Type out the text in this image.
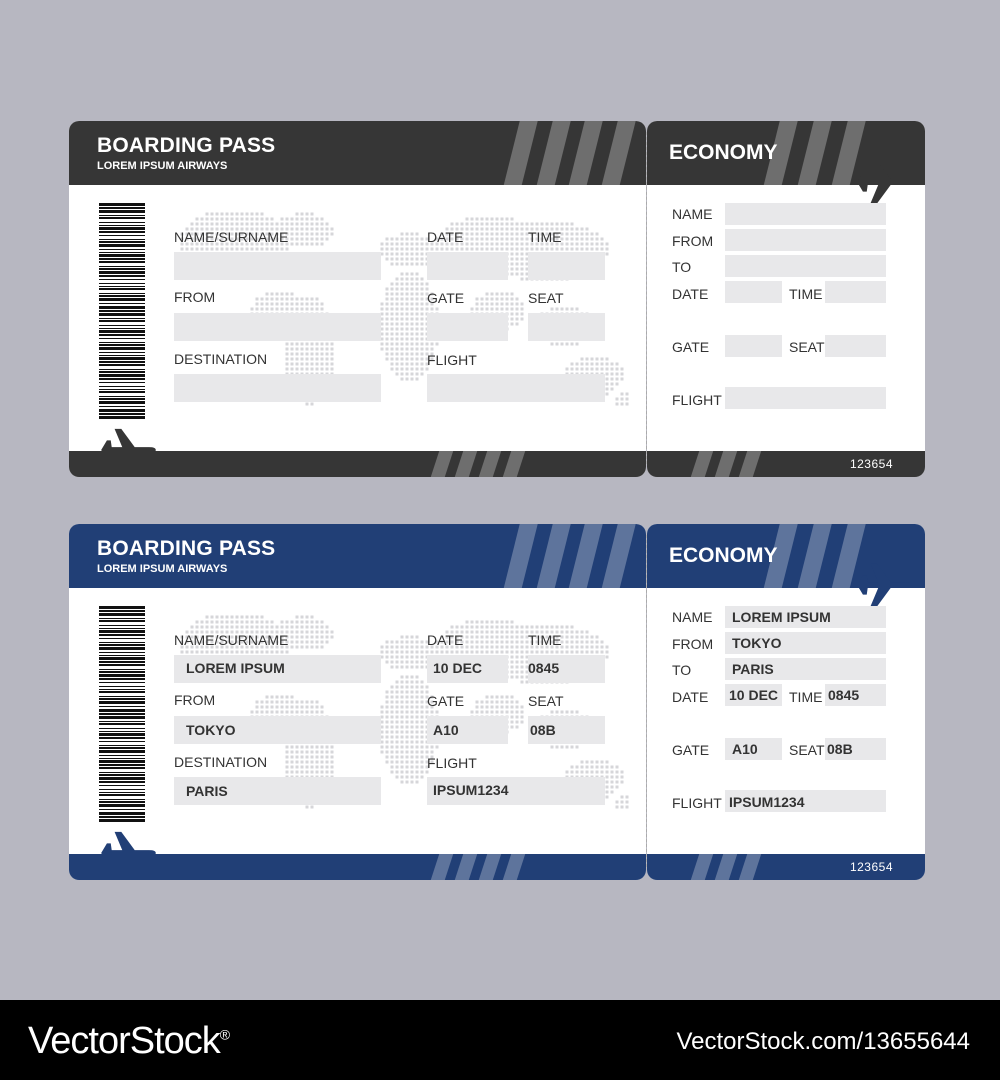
BOARDING PASS
LOREM IPSUM AIRWAYS
NAME/SURNAME
FROM
DESTINATION
DATE	TIME
GATE	SEAT
FLIGHT
ECONOMY
NAME
FROM
TO
DATE	TIME
GATE	SEAT
FLIGHT
123654
BOARDING PASS
LOREM IPSUM AIRWAYS
NAME/SURNAME
LOREM IPSUM
FROM
TOKYO
DESTINATION
PARIS
DATE
10 DEC
TIME
0845
GATE
A10
SEAT
08B
FLIGHT
IPSUM1234
ECONOMY
NAME LOREM IPSUM
FROM TOKYO
TO	PARIS
DATE 10 DEC TIME 0845
GATE A10 SEAT 08B
FLIGHT IPSUM1234
123654
VectorStock®	VectorStock.com/13655644
